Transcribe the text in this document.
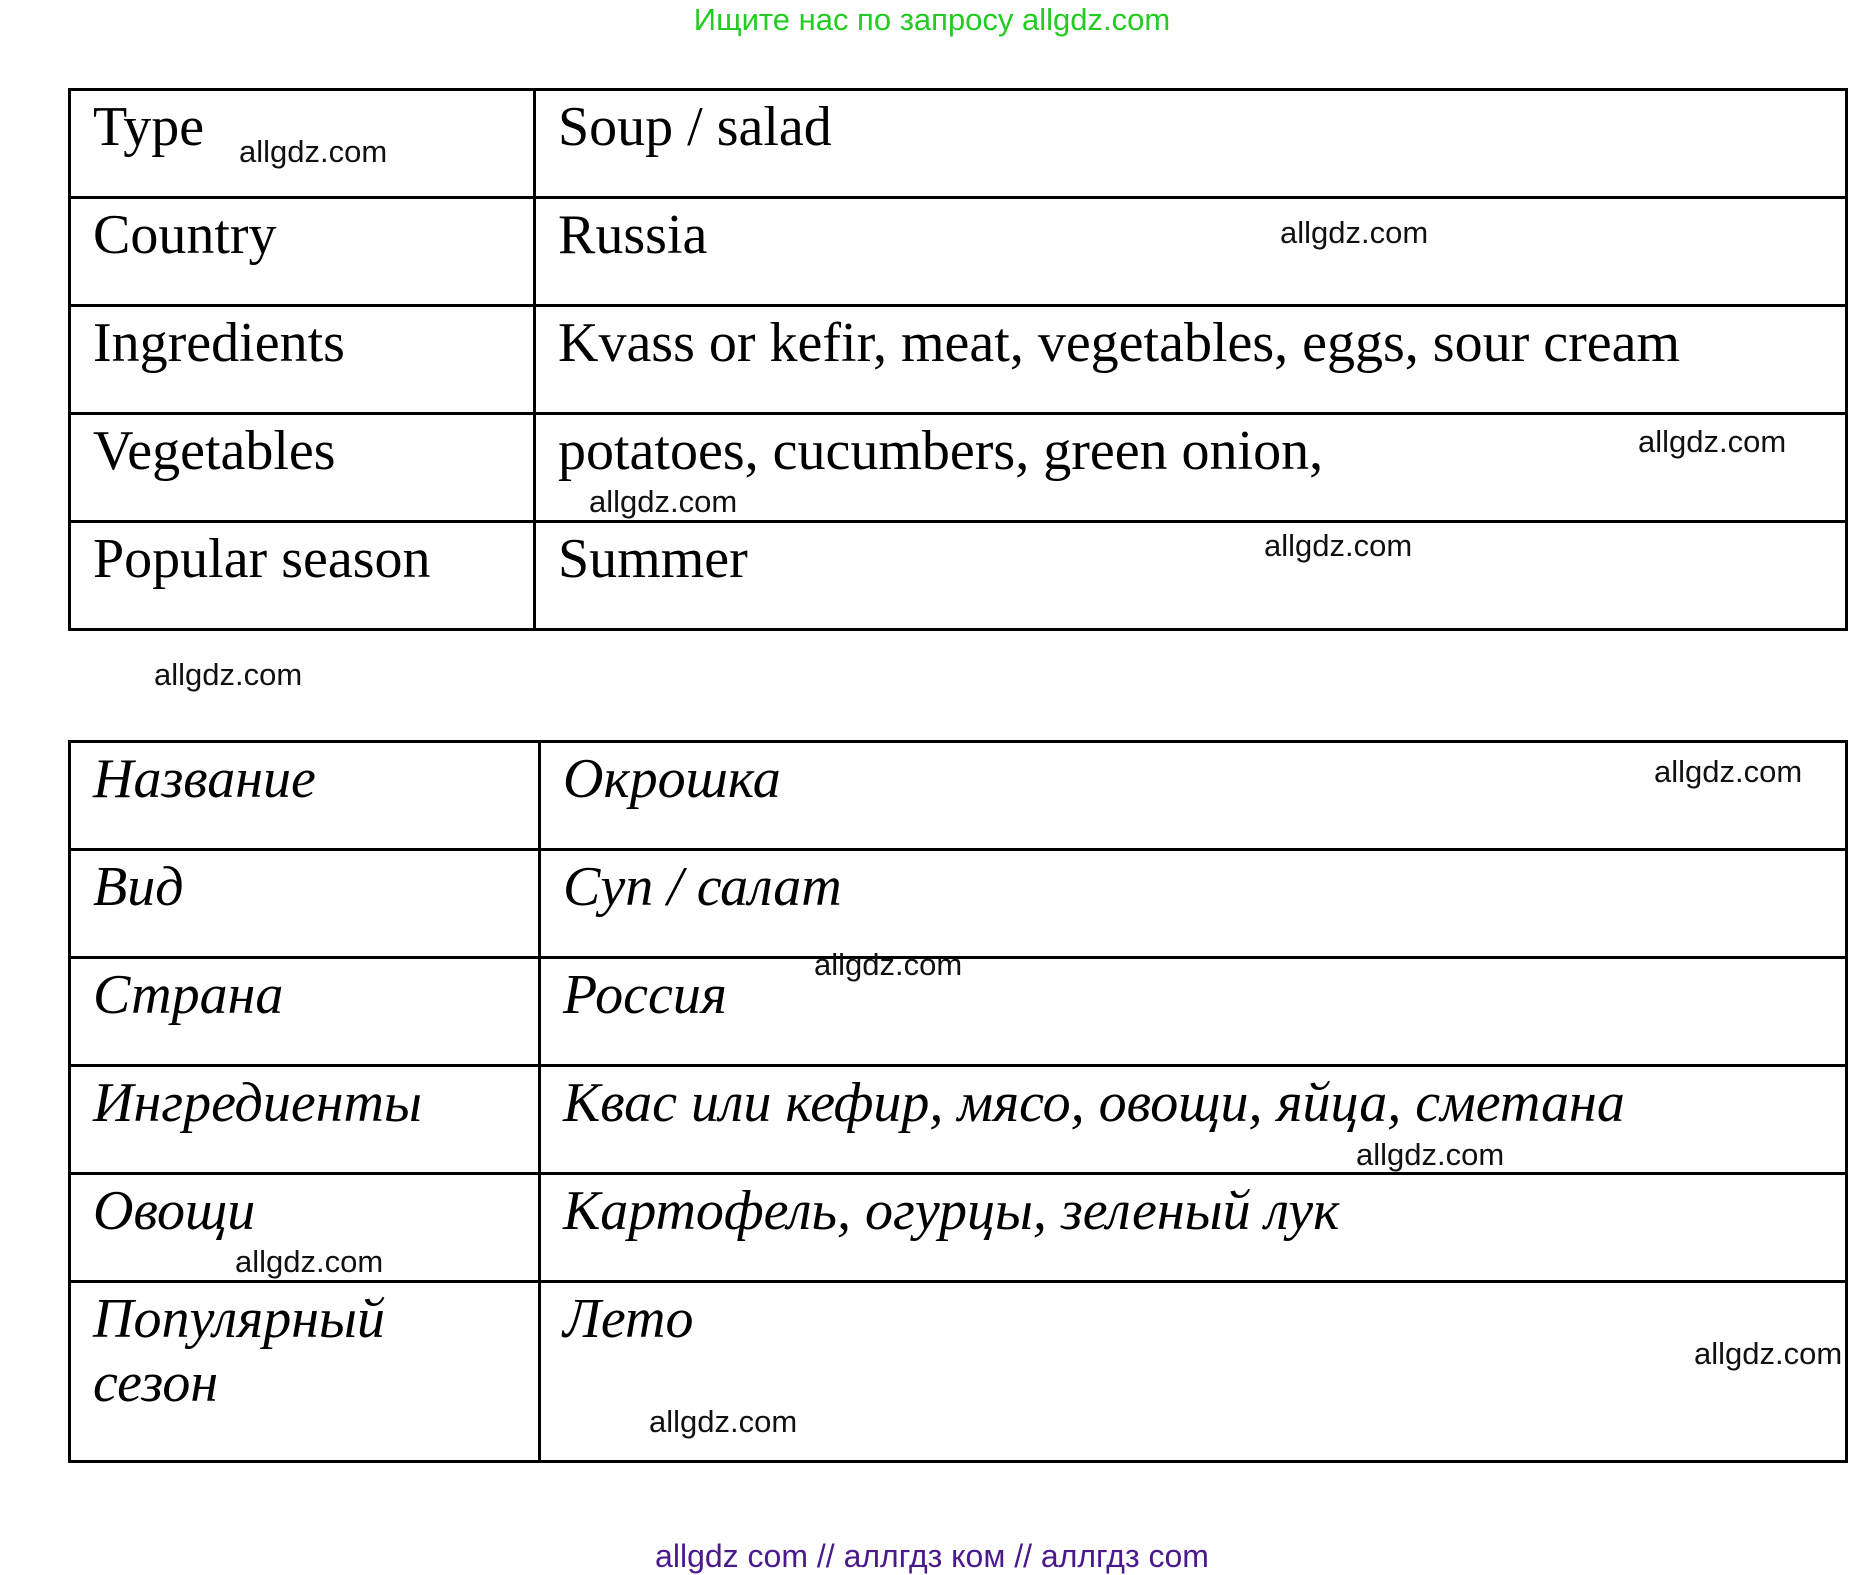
Ищите нас по запросу allgdz.com
Type	Soup / salad
Country	Russia
Ingredients	Kvass or kefir, meat, vegetables, eggs, sour cream
Vegetables	potatoes, cucumbers, green onion,
Popular season	Summer
Название	Окрошка
Вид	Суп / салат
Страна	Россия
Ингредиенты	Квас или кефир, мясо, овощи, яйца, сметана
Овощи	Картофель, огурцы, зеленый лук

Популярный сезон	Лето
allgdz.com
allgdz.com
allgdz.com
allgdz.com
allgdz.com
allgdz.com
allgdz.com
allgdz.com
allgdz.com
allgdz.com
allgdz.com
allgdz.com
allgdz com // аллгдз ком // аллгдз com
